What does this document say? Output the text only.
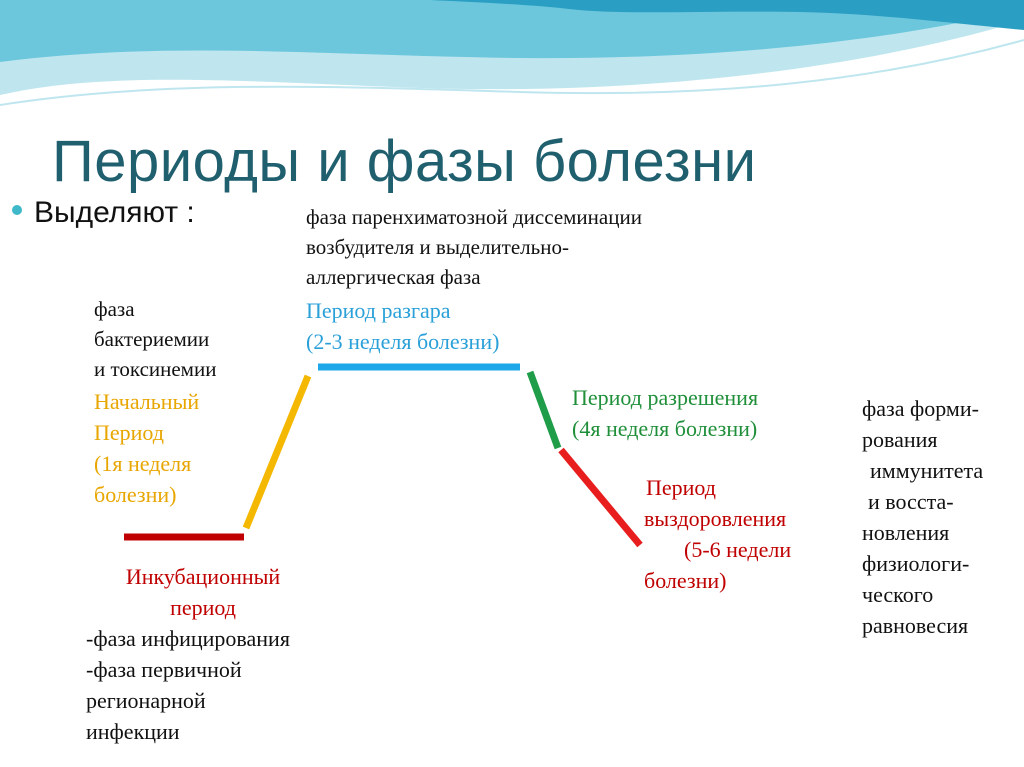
Периоды и фазы болезни
Выделяют :	фаза паренхиматозной диссеминации
возбудителя и выделительно-
аллергическая фаза
Период разгара
(2-3 неделя болезни)
фаза
бактериемии
и токсинемии
Начальный
Период
(1я неделя
болезни)
Инкубационный
период
-фаза инфицирования
-фаза первичной
регионарной
инфекции
Период разрешения
(4я неделя болезни)
Период
выздоровления
(5-6 недели
болезни)
фаза форми-
рования
иммунитета
и восста-
новления
физиологи-
ческого
равновесия
